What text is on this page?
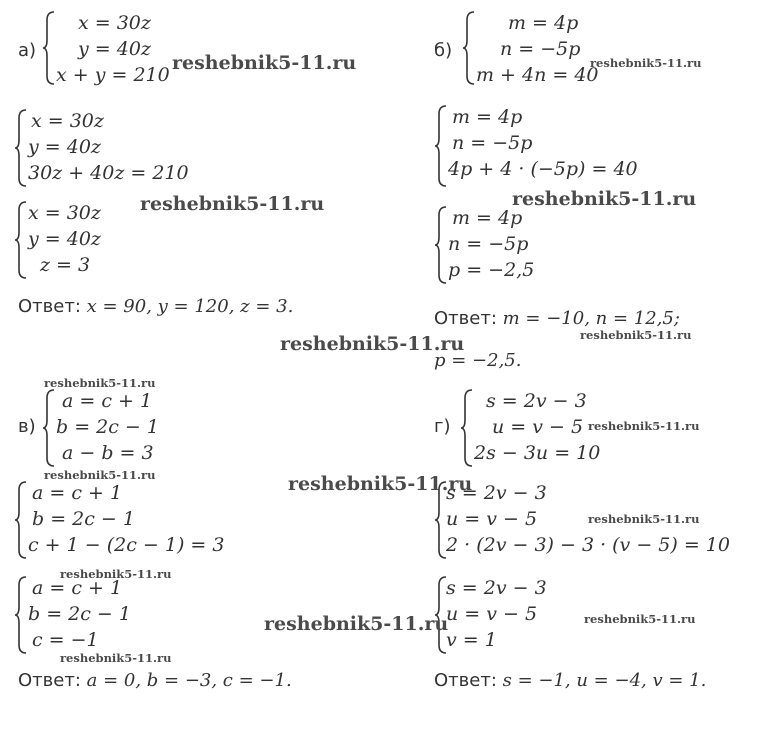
а)
x = 30z
y = 40z
x + y = 210
x = 30z
y = 40z
30z + 40z = 210
x = 30z
y = 40z
z = 3
Ответ: x = 90, y = 120, z = 3.
б)
m = 4p
n = −5p
m + 4n = 40
m = 4p
n = −5p
4p + 4 · (−5p) = 40
m = 4p
n = −5p
p = −2,5
Ответ: m = −10, n = 12,5;
p = −2,5.
в)
a = c + 1
b = 2c − 1
a − b = 3
a = c + 1
b = 2c − 1
c + 1 − (2c − 1) = 3
a = c + 1
b = 2c − 1
c = −1
Ответ: a = 0, b = −3, c = −1.
г)
s = 2v − 3
u = v − 5
2s − 3u = 10
s = 2v − 3
u = v − 5
2 · (2v − 3) − 3 · (v − 5) = 10
s = 2v − 3
u = v − 5
v = 1
Ответ: s = −1, u = −4, v = 1.
reshebnik5-11.ru	reshebnik5-11.ru
reshebnik5-11.ru
reshebnik5-11.ru
reshebnik5-11.ru
reshebnik5-11.ru
reshebnik5-11.ru
reshebnik5-11.ru
reshebnik5-11.ru	reshebnik5-11.ru
reshebnik5-11.ru
reshebnik5-11.ru
reshebnik5-11.ru	reshebnik5-11.ru
reshebnik5-11.ru
